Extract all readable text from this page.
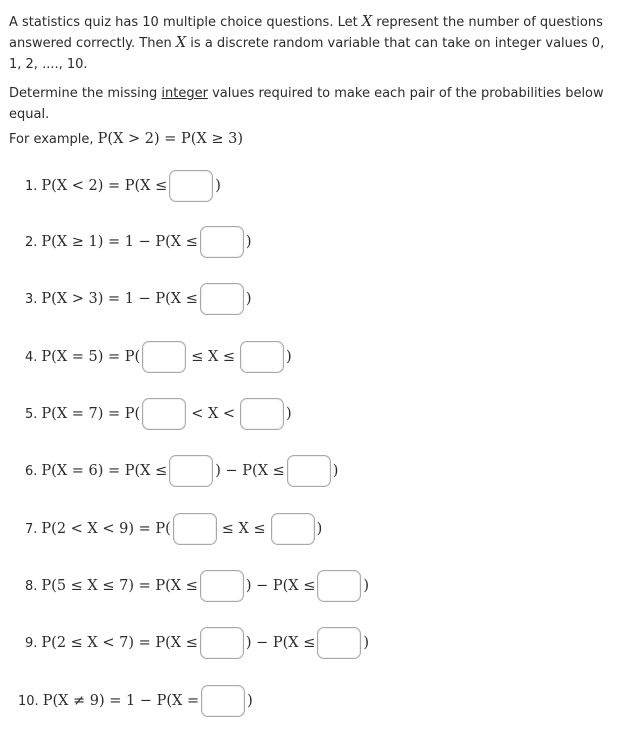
A statistics quiz has 10 multiple choice questions. Let X represent the number of questions answered correctly. Then X is a discrete random variable that can take on integer values 0, 1, 2, ...., 10.

Determine the missing integer values required to make each pair of the probabilities below equal.

For example, P(X > 2) = P(X ≥ 3)

1. P(X < 2) = P(X ≤	)
2. P(X ≥ 1) = 1 − P(X ≤	)
3. P(X > 3) = 1 − P(X ≤	)
4. P(X = 5) = P(	≤ X ≤	)
5. P(X = 7) = P(	< X <	)
6. P(X = 6) = P(X ≤	) − P(X ≤	)
7. P(2 < X < 9) = P(	≤ X ≤	)
8. P(5 ≤ X ≤ 7) = P(X ≤	) − P(X ≤	)
9. P(2 ≤ X < 7) = P(X ≤	) − P(X ≤	)
10. P(X ≠ 9) = 1 − P(X =	)
